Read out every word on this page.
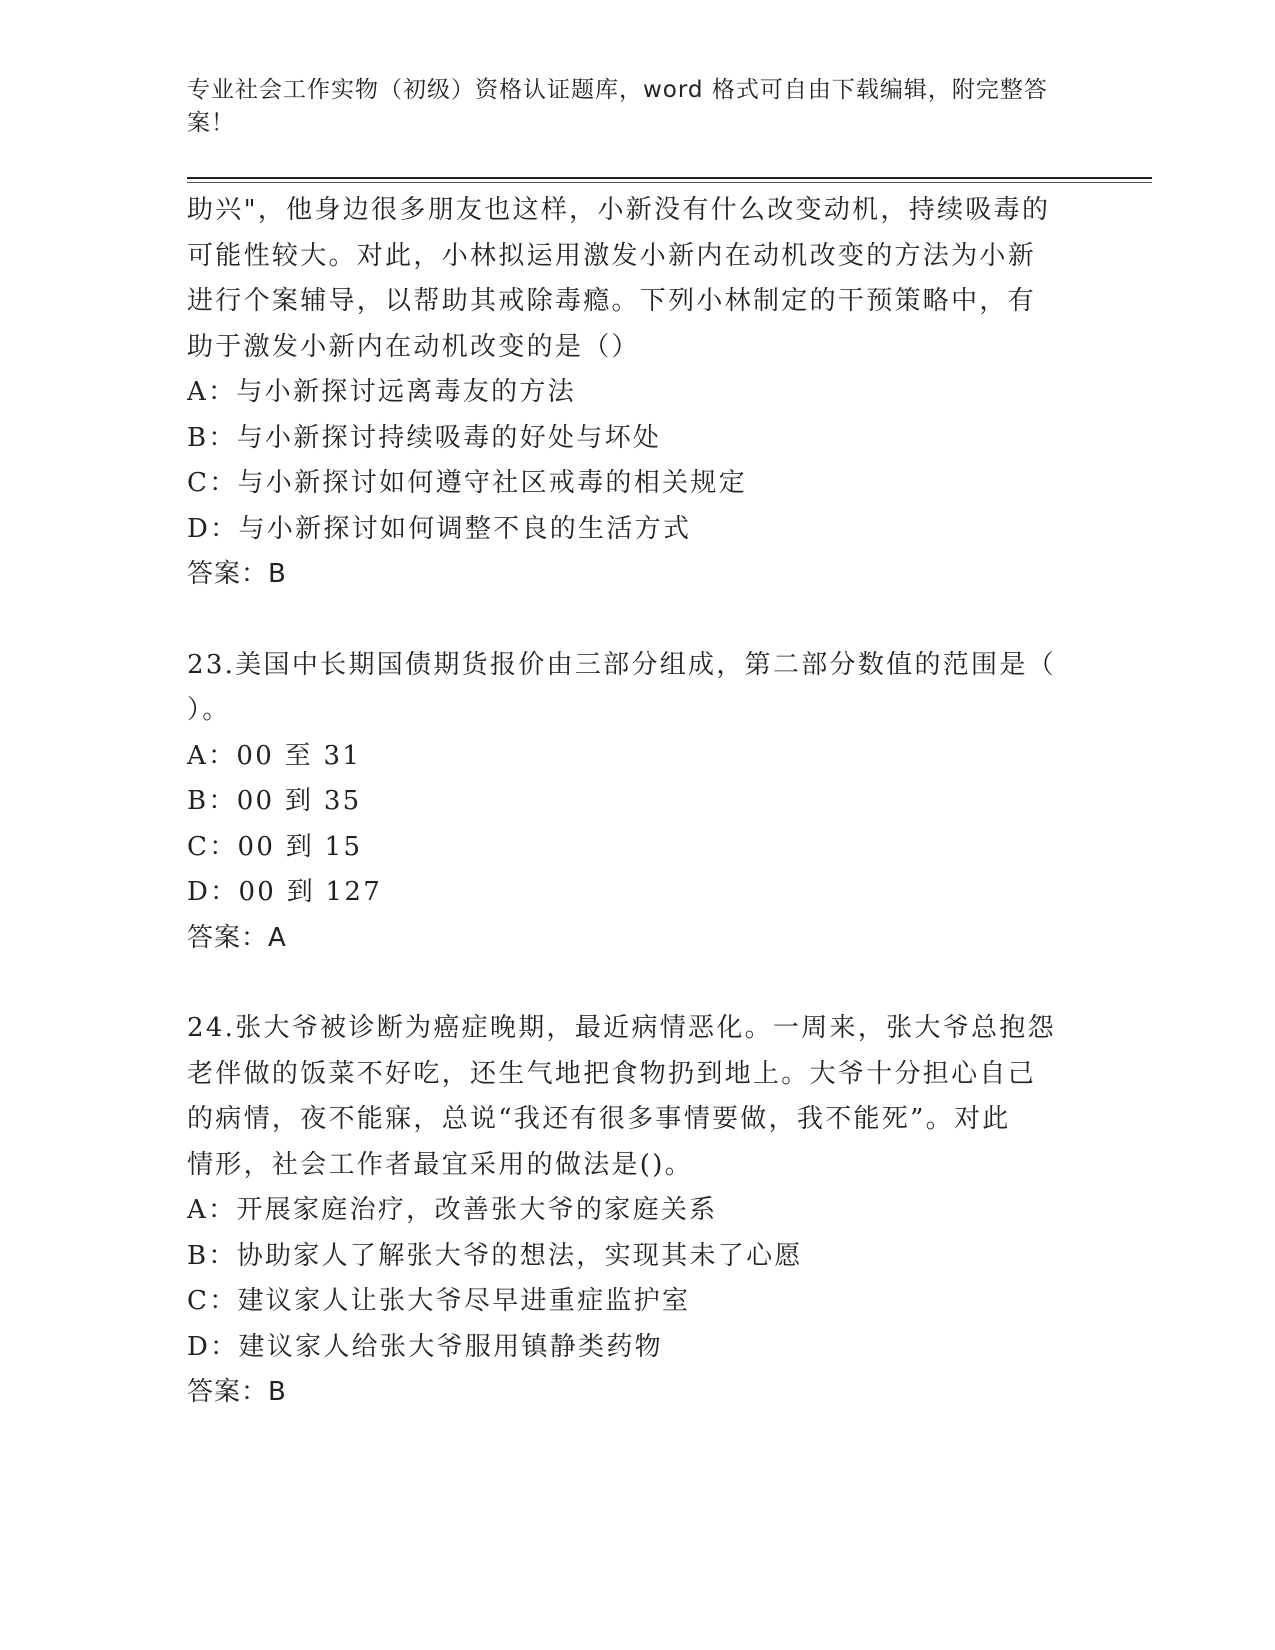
专业社会工作实物（初级）资格认证题库，word 格式可自由下载编辑，附完整答
案！
助兴"，他身边很多朋友也这样，小新没有什么改变动机，持续吸毒的
可能性较大。对此，小林拟运用激发小新内在动机改变的方法为小新
进行个案辅导，以帮助其戒除毒瘾。下列小林制定的干预策略中，有
助于激发小新内在动机改变的是（）
A：与小新探讨远离毒友的方法
B：与小新探讨持续吸毒的好处与坏处
C：与小新探讨如何遵守社区戒毒的相关规定
D：与小新探讨如何调整不良的生活方式
答案：B
23.美国中长期国债期货报价由三部分组成，第二部分数值的范围是（
）。
A：00 至 31
B：00 到 35
C：00 到 15
D：00 到 127
答案：A
24.张大爷被诊断为癌症晚期，最近病情恶化。一周来，张大爷总抱怨
老伴做的饭菜不好吃，还生气地把食物扔到地上。大爷十分担心自己
的病情，夜不能寐，总说“我还有很多事情要做，我不能死”。对此
情形，社会工作者最宜采用的做法是()。
A：开展家庭治疗，改善张大爷的家庭关系
B：协助家人了解张大爷的想法，实现其未了心愿
C：建议家人让张大爷尽早进重症监护室
D：建议家人给张大爷服用镇静类药物
答案：B
